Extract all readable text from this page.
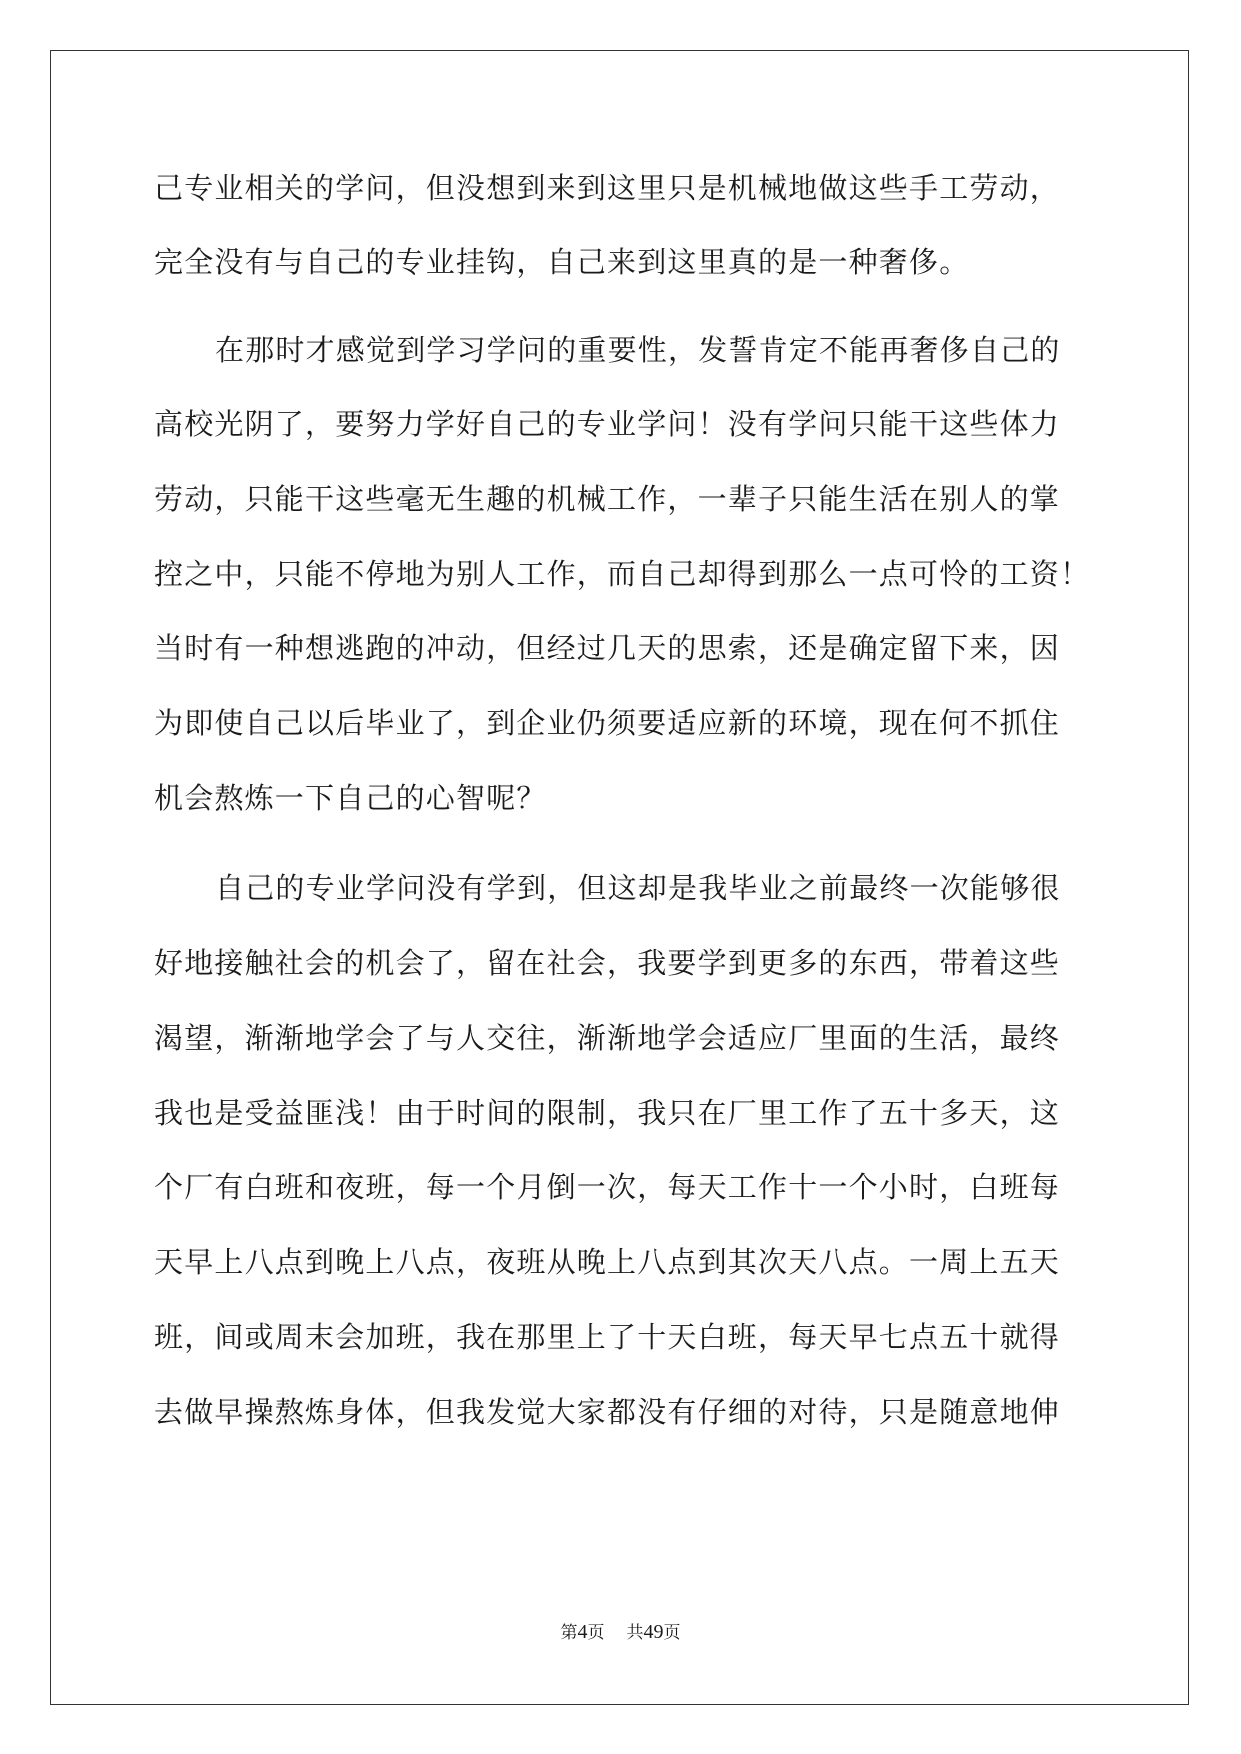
己专业相关的学问，但没想到来到这里只是机械地做这些手工劳动，
完全没有与自己的专业挂钩，自己来到这里真的是一种奢侈。
在那时才感觉到学习学问的重要性，发誓肯定不能再奢侈自己的
高校光阴了，要努力学好自己的专业学问！没有学问只能干这些体力
劳动，只能干这些毫无生趣的机械工作，一辈子只能生活在别人的掌
控之中，只能不停地为别人工作，而自己却得到那么一点可怜的工资！
当时有一种想逃跑的冲动，但经过几天的思索，还是确定留下来，因
为即使自己以后毕业了，到企业仍须要适应新的环境，现在何不抓住
机会熬炼一下自己的心智呢？
自己的专业学问没有学到，但这却是我毕业之前最终一次能够很
好地接触社会的机会了，留在社会，我要学到更多的东西，带着这些
渴望，渐渐地学会了与人交往，渐渐地学会适应厂里面的生活，最终
我也是受益匪浅！由于时间的限制，我只在厂里工作了五十多天，这
个厂有白班和夜班，每一个月倒一次，每天工作十一个小时，白班每
天早上八点到晚上八点，夜班从晚上八点到其次天八点。一周上五天
班，间或周末会加班，我在那里上了十天白班，每天早七点五十就得
去做早操熬炼身体，但我发觉大家都没有仔细的对待，只是随意地伸
第4页 共49页
